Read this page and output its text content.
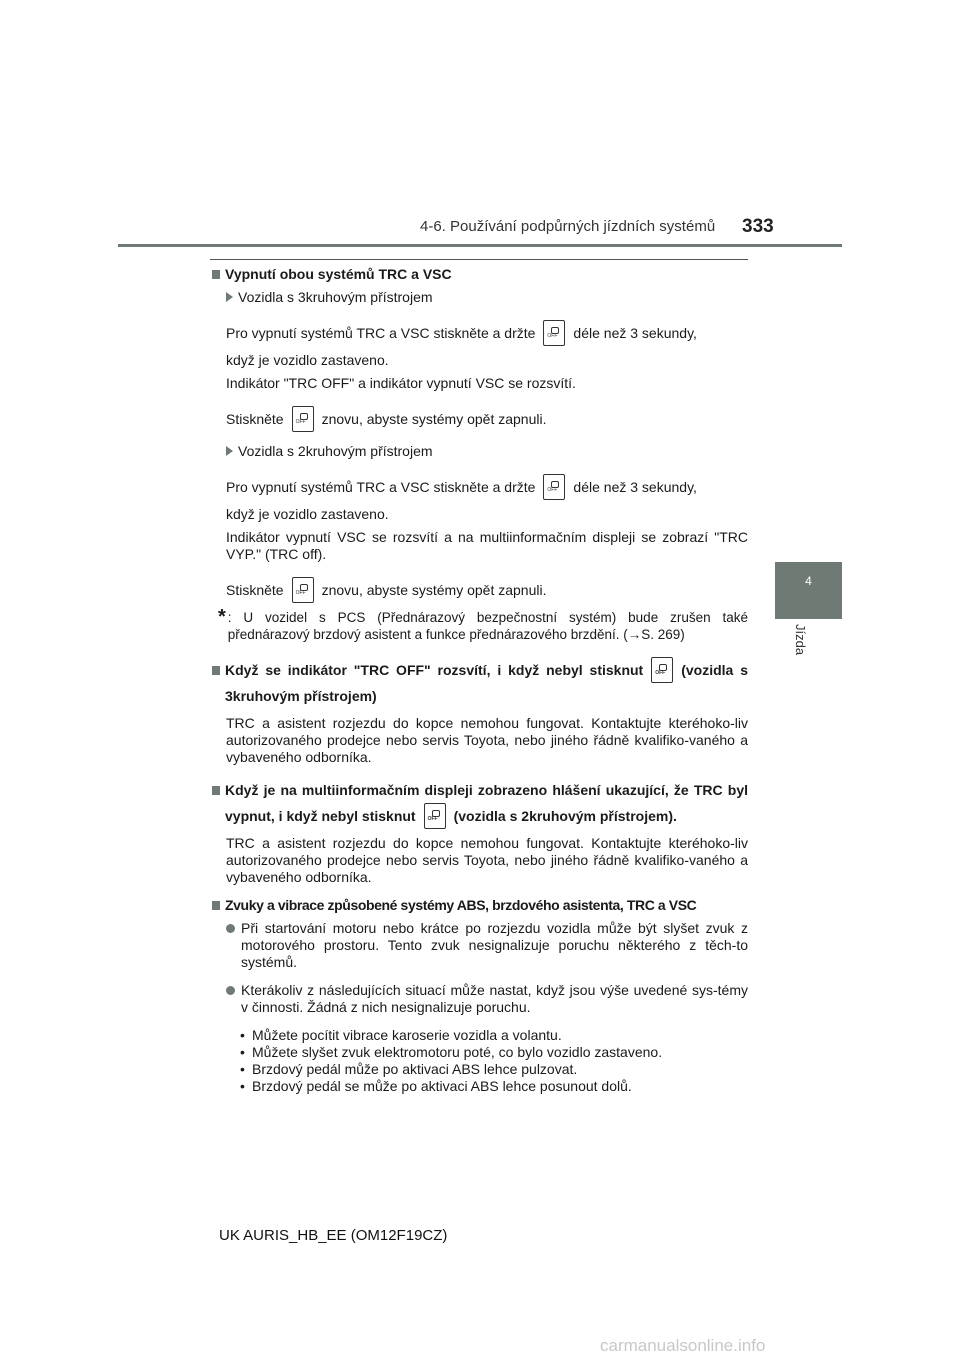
4-6. Používání podpůrných jízdních systémů 333
4
Jízda
Vypnutí obou systémů TRC a VSC
Vozidla s 3kruhovým přístrojem

Pro vypnutí systémů TRC a VSC stiskněte a držte OFF	déle než 3 sekundy,

když je vozidlo zastaveno.

Indikátor "TRC OFF" a indikátor vypnutí VSC se rozsvítí.

Stiskněte OFF	znovu, abyste systémy opět zapnuli.

Vozidla s 2kruhovým přístrojem

Pro vypnutí systémů TRC a VSC stiskněte a držte OFF	déle než 3 sekundy,

když je vozidlo zastaveno.

Indikátor vypnutí VSC se rozsvítí a na multiinformačním displeji se zobrazí "TRC VYP." (TRC off).

Stiskněte OFF	znovu, abyste systémy opět zapnuli.

* : U vozidel s PCS (Přednárazový bezpečnostní systém) bude zrušen také přednárazový brzdový asistent a funkce přednárazového brzdění. (→S. 269)
Když se indikátor "TRC OFF" rozsvítí, i když nebyl stisknut OFF	(vozidla s 3kruhovým přístrojem)

TRC a asistent rozjezdu do kopce nemohou fungovat. Kontaktujte kteréhoko-liv autorizovaného prodejce nebo servis Toyota, nebo jiného řádně kvalifiko-vaného a vybaveného odborníka.

Když je na multiinformačním displeji zobrazeno hlášení ukazující, že TRC byl vypnut, i když nebyl stisknut OFF	(vozidla s 2kruhovým přístrojem).

TRC a asistent rozjezdu do kopce nemohou fungovat. Kontaktujte kteréhoko-liv autorizovaného prodejce nebo servis Toyota, nebo jiného řádně kvalifiko-vaného a vybaveného odborníka.

Zvuky a vibrace způsobené systémy ABS, brzdového asistenta, TRC a VSC
Při startování motoru nebo krátce po rozjezdu vozidla může být slyšet zvuk z motorového prostoru. Tento zvuk nesignalizuje poruchu některého z těch-to systémů.
Kterákoliv z následujících situací může nastat, když jsou výše uvedené sys-témy v činnosti. Žádná z nich nesignalizuje poruchu.
• Můžete pocítit vibrace karoserie vozidla a volantu.
• Můžete slyšet zvuk elektromotoru poté, co bylo vozidlo zastaveno.
• Brzdový pedál může po aktivaci ABS lehce pulzovat.
• Brzdový pedál se může po aktivaci ABS lehce posunout dolů.
UK AURIS_HB_EE (OM12F19CZ)
carmanualsonline.info
